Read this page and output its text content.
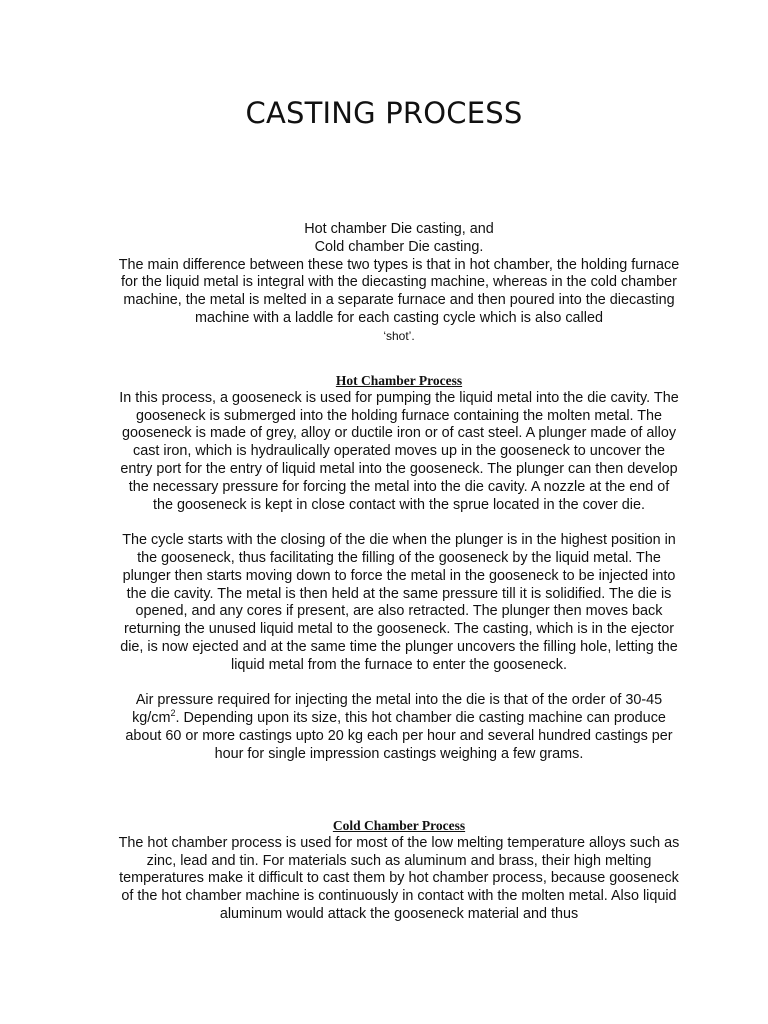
CASTING PROCESS
Hot chamber Die casting, and
Cold chamber Die casting.
The main difference between these two types is that in hot chamber, the holding furnace for the liquid metal is integral with the diecasting machine, whereas in the cold chamber machine, the metal is melted in a separate furnace and then poured into the diecasting machine with a laddle for each casting cycle which is also called
‘shot’.
Hot Chamber Process
In this process, a gooseneck is used for pumping the liquid metal into the die cavity. The gooseneck is submerged into the holding furnace containing the molten metal. The gooseneck is made of grey, alloy or ductile iron or of cast steel. A plunger made of alloy cast iron, which is hydraulically operated moves up in the gooseneck to uncover the entry port for the entry of liquid metal into the gooseneck. The plunger can then develop the necessary pressure for forcing the metal into the die cavity. A nozzle at the end of the gooseneck is kept in close contact with the sprue located in the cover die.
The cycle starts with the closing of the die when the plunger is in the highest position in the gooseneck, thus facilitating the filling of the gooseneck by the liquid metal. The plunger then starts moving down to force the metal in the gooseneck to be injected into the die cavity. The metal is then held at the same pressure till it is solidified. The die is opened, and any cores if present, are also retracted. The plunger then moves back returning the unused liquid metal to the gooseneck. The casting, which is in the ejector die, is now ejected and at the same time the plunger uncovers the filling hole, letting the liquid metal from the furnace to enter the gooseneck.
Air pressure required for injecting the metal into the die is that of the order of 30-45 $kg/cm^2$. Depending upon its size, this hot chamber die casting machine can produce about 60 or more castings upto 20 kg each per hour and several hundred castings per hour for single impression castings weighing a few grams.
Cold Chamber Process
The hot chamber process is used for most of the low melting temperature alloys such as zinc, lead and tin. For materials such as aluminum and brass, their high melting temperatures make it difficult to cast them by hot chamber process, because gooseneck of the hot chamber machine is continuously in contact with the molten metal. Also liquid aluminum would attack the gooseneck material and thus
